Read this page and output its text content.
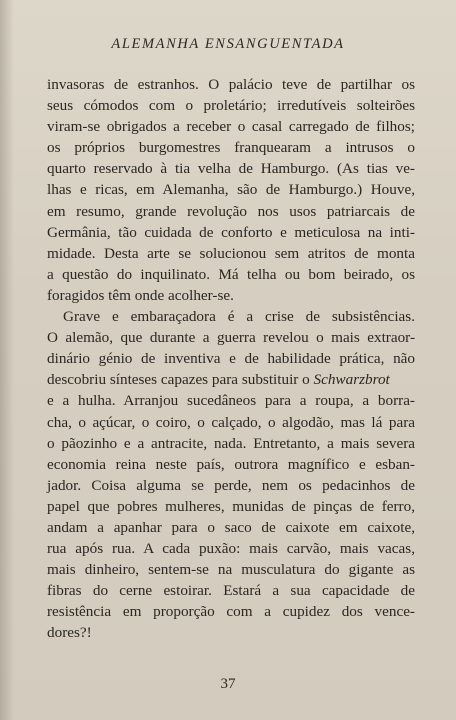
ALEMANHA ENSANGUENTADA
invasoras de estranhos. O palácio teve de partilhar os
seus cómodos com o proletário; irredutíveis solteirões
viram-se obrigados a receber o casal carregado de filhos;
os próprios burgomestres franquearam a intrusos o
quarto reservado à tia velha de Hamburgo. (As tias ve-
lhas e ricas, em Alemanha, são de Hamburgo.) Houve,
em resumo, grande revolução nos usos patriarcais de
Germânia, tão cuidada de conforto e meticulosa na inti-
midade. Desta arte se solucionou sem atritos de monta
a questão do inquilinato. Má telha ou bom beirado, os
foragidos têm onde acolher-se.
Grave e embaraçadora é a crise de subsistências.
O alemão, que durante a guerra revelou o mais extraor-
dinário génio de inventiva e de habilidade prática, não
descobriu sínteses capazes para substituir o Schwarzbrot
e a hulha. Arranjou sucedâneos para a roupa, a borra-
cha, o açúcar, o coiro, o calçado, o algodão, mas lá para
o pãozinho e a antracite, nada. Entretanto, a mais severa
economia reina neste país, outrora magnífico e esban-
jador. Coisa alguma se perde, nem os pedacinhos de
papel que pobres mulheres, munidas de pinças de ferro,
andam a apanhar para o saco de caixote em caixote,
rua após rua. A cada puxão: mais carvão, mais vacas,
mais dinheiro, sentem-se na musculatura do gigante as
fibras do cerne estoirar. Estará a sua capacidade de
resistência em proporção com a cupidez dos vence-
dores?!
37
